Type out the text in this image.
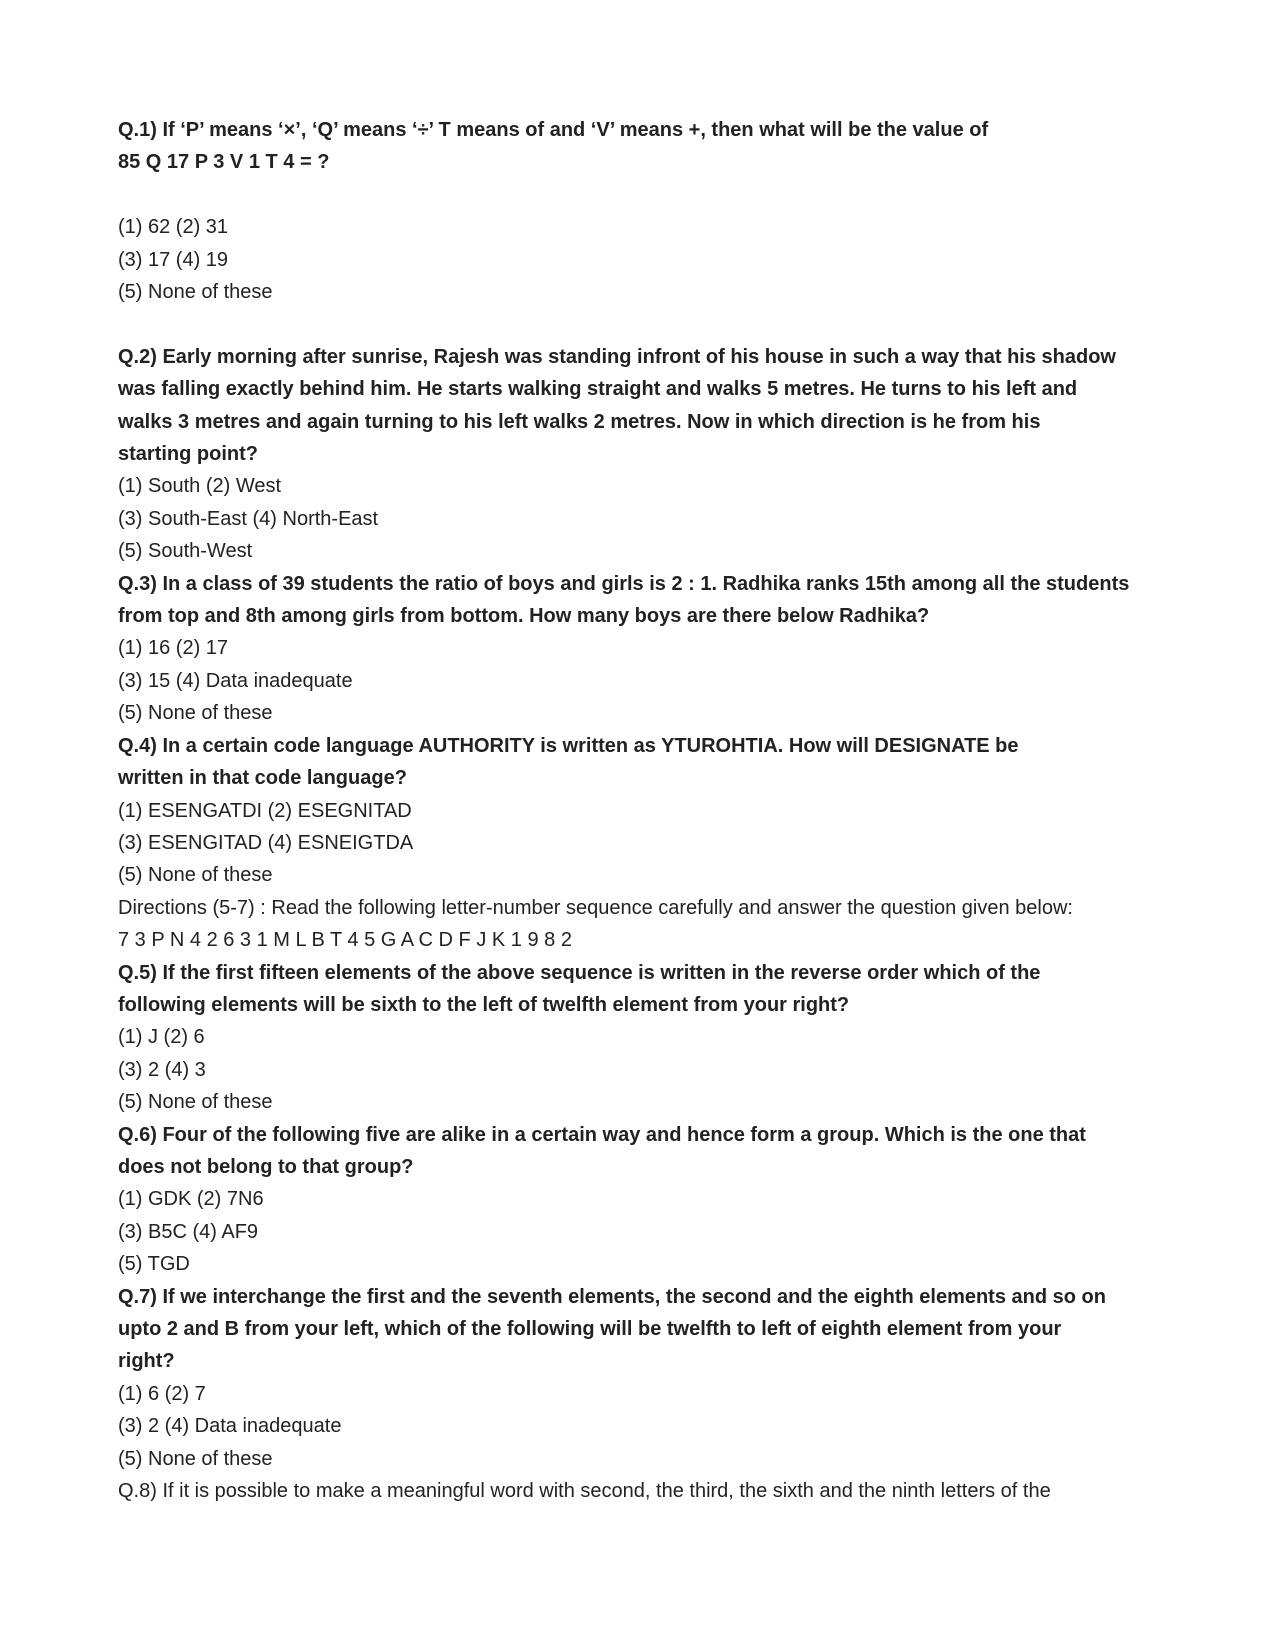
Q.1) If ‘P’ means ‘×’, ‘Q’ means ‘÷’ T means of and ‘V’ means +, then what will be the value of
85 Q 17 P 3 V 1 T 4 = ?
(1) 62 (2) 31
(3) 17 (4) 19
(5) None of these
Q.2) Early morning after sunrise, Rajesh was standing infront of his house in such a way that his shadow
was falling exactly behind him. He starts walking straight and walks 5 metres. He turns to his left and
walks 3 metres and again turning to his left walks 2 metres. Now in which direction is he from his
starting point?
(1) South (2) West
(3) South-East (4) North-East
(5) South-West
Q.3) In a class of 39 students the ratio of boys and girls is 2 : 1. Radhika ranks 15th among all the students
from top and 8th among girls from bottom. How many boys are there below Radhika?
(1) 16 (2) 17
(3) 15 (4) Data inadequate
(5) None of these
Q.4) In a certain code language AUTHORITY is written as YTUROHTIA. How will DESIGNATE be
written in that code language?
(1) ESENGATDI (2) ESEGNITAD
(3) ESENGITAD (4) ESNEIGTDA
(5) None of these
Directions (5-7) : Read the following letter-number sequence carefully and answer the question given below:
7 3 P N 4 2 6 3 1 M L B T 4 5 G A C D F J K 1 9 8 2
Q.5) If the first fifteen elements of the above sequence is written in the reverse order which of the
following elements will be sixth to the left of twelfth element from your right?
(1) J (2) 6
(3) 2 (4) 3
(5) None of these
Q.6) Four of the following five are alike in a certain way and hence form a group. Which is the one that
does not belong to that group?
(1) GDK (2) 7N6
(3) B5C (4) AF9
(5) TGD
Q.7) If we interchange the first and the seventh elements, the second and the eighth elements and so on
upto 2 and B from your left, which of the following will be twelfth to left of eighth element from your
right?
(1) 6 (2) 7
(3) 2 (4) Data inadequate
(5) None of these
Q.8) If it is possible to make a meaningful word with second, the third, the sixth and the ninth letters of the
